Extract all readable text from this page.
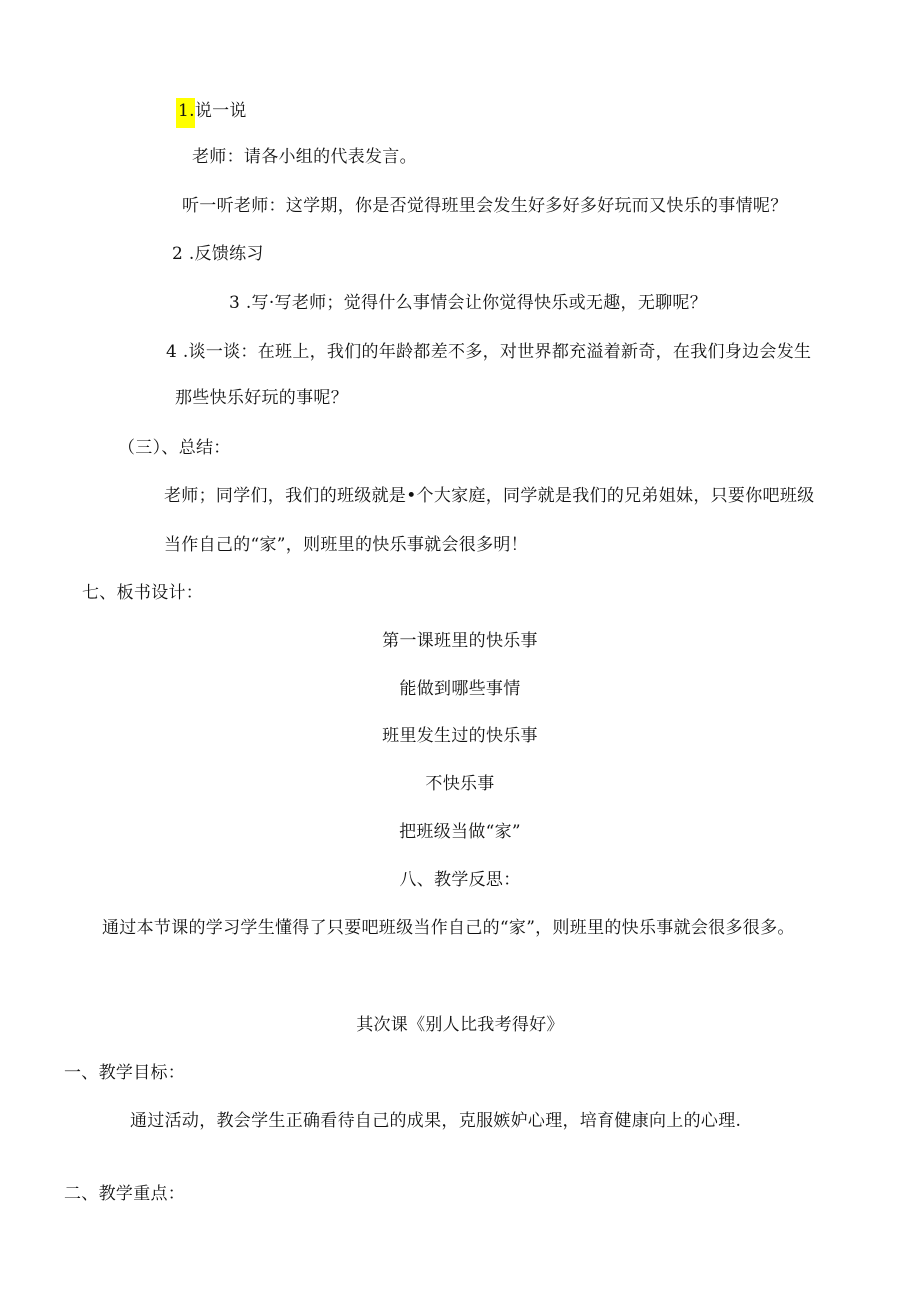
1.说一说
老师：请各小组的代表发言。
听一听老师：这学期，你是否觉得班里会发生好多好多好玩而又快乐的事情呢？
2 .反馈练习
3 .写·写老师；觉得什么事情会让你觉得快乐或无趣，无聊呢？
4 .谈一谈：在班上，我们的年龄都差不多，对世界都充溢着新奇，在我们身边会发生
那些快乐好玩的事呢？
（三）、总结：
老师；同学们，我们的班级就是•个大家庭，同学就是我们的兄弟姐妹，只要你吧班级
当作自己的“家”，则班里的快乐事就会很多明！
七、板书设计：
第一课班里的快乐事
能做到哪些事情
班里发生过的快乐事
不快乐事
把班级当做“家”
八、教学反思：
通过本节课的学习学生懂得了只要吧班级当作自己的“家”，则班里的快乐事就会很多很多。
其次课《别人比我考得好》
一、教学目标：
通过活动，教会学生正确看待自己的成果，克服嫉妒心理，培育健康向上的心理.
二、教学重点：
